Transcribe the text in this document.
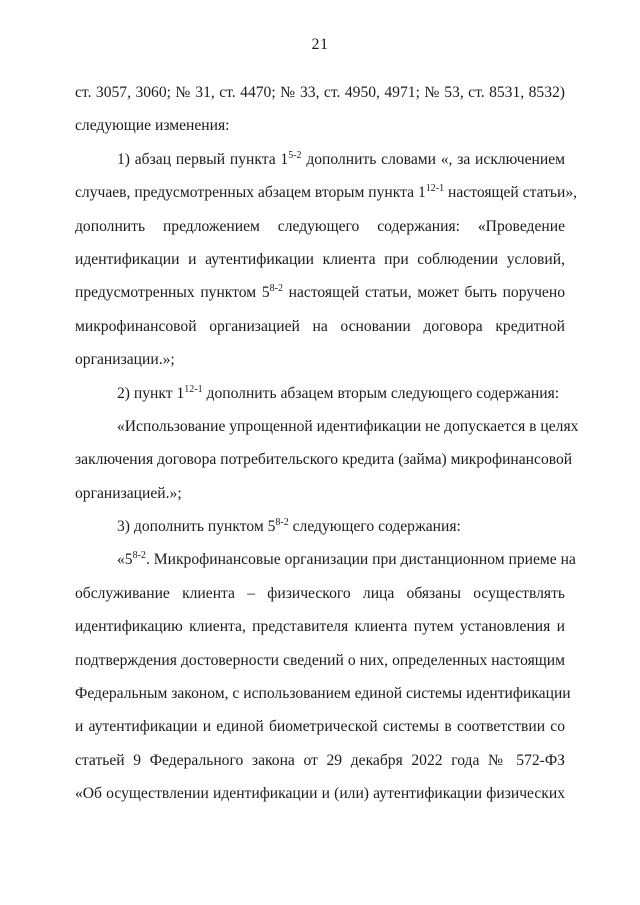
21
ст. 3057, 3060; № 31, ст. 4470; № 33, ст. 4950, 4971; № 53, ст. 8531, 8532)
следующие изменения:
1) абзац первый пункта 1$^{5-2}$ дополнить словами «, за исключением
случаев, предусмотренных абзацем вторым пункта 1$^{12-1}$ настоящей статьи»,
дополнить предложением следующего содержания: «Проведение
идентификации и аутентификации клиента при соблюдении условий,
предусмотренных пунктом 5$^{8-2}$ настоящей статьи, может быть поручено
микрофинансовой организацией на основании договора кредитной
организации.»;
2) пункт 1$^{12-1}$ дополнить абзацем вторым следующего содержания:
«Использование упрощенной идентификации не допускается в целях
заключения договора потребительского кредита (займа) микрофинансовой
организацией.»;
3) дополнить пунктом 5$^{8-2}$ следующего содержания:
«5$^{8-2}$. Микрофинансовые организации при дистанционном приеме на
обслуживание клиента – физического лица обязаны осуществлять
идентификацию клиента, представителя клиента путем установления и
подтверждения достоверности сведений о них, определенных настоящим
Федеральным законом, с использованием единой системы идентификации
и аутентификации и единой биометрической системы в соответствии со
статьей 9 Федерального закона от 29 декабря 2022 года № 572-ФЗ
«Об осуществлении идентификации и (или) аутентификации физических
